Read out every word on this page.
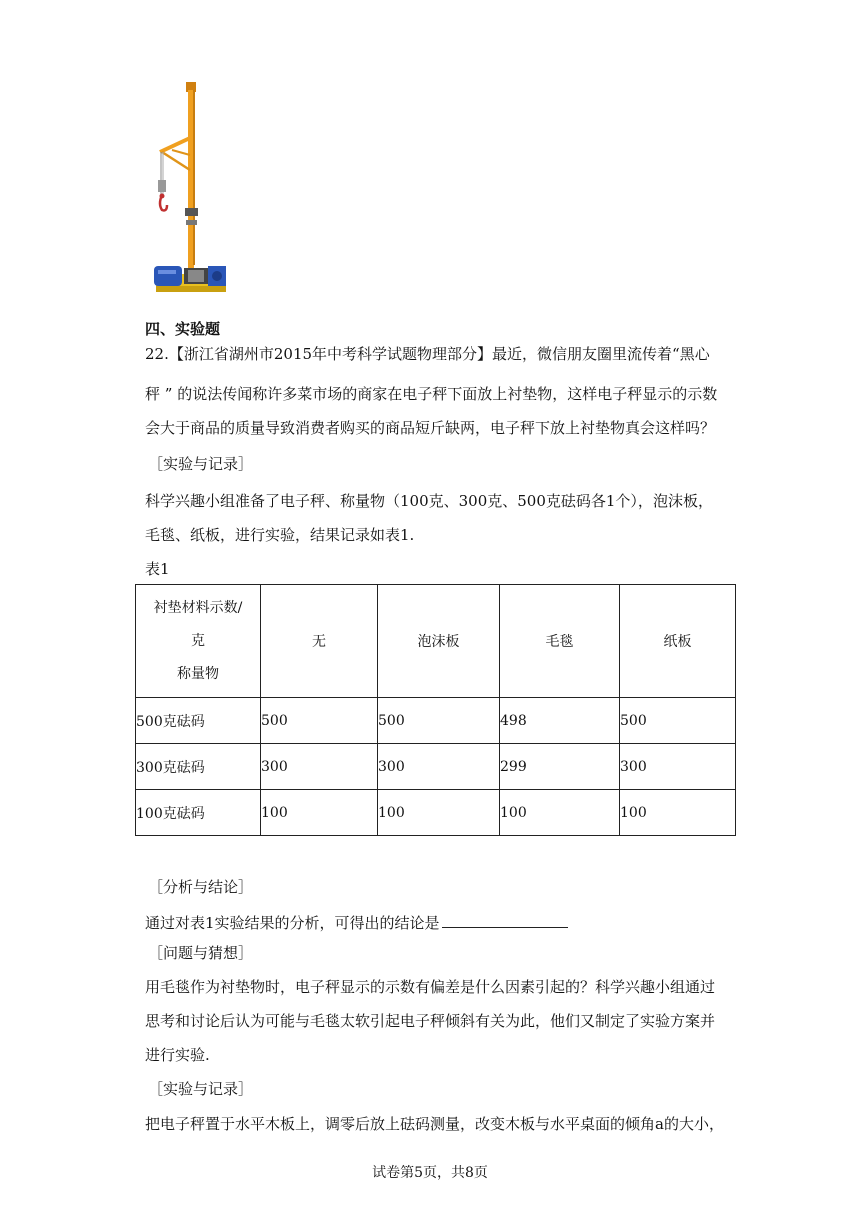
四、实验题
22.【浙江省湖州市2015年中考科学试题物理部分】最近，微信朋友圈里流传着“黑心
秤 ” 的说法传闻称许多菜市场的商家在电子秤下面放上衬垫物，这样电子秤显示的示数
会大于商品的质量导致消费者购买的商品短斤缺两，电子秤下放上衬垫物真会这样吗？
［实验与记录］
科学兴趣小组准备了电子秤、称量物（100克、300克、500克砝码各1个），泡沫板，
毛毯、纸板，进行实验，结果记录如表1.
表1
衬垫材料示数/
克
称量物	无	泡沫板	毛毯	纸板
500克砝码	500	500	498	500
300克砝码	300	300	299	300
100克砝码	100	100	100	100
［分析与结论］
通过对表1实验结果的分析，可得出的结论是
［问题与猜想］
用毛毯作为衬垫物时，电子秤显示的示数有偏差是什么因素引起的？科学兴趣小组通过
思考和讨论后认为可能与毛毯太软引起电子秤倾斜有关为此，他们又制定了实验方案并
进行实验.
［实验与记录］
把电子秤置于水平木板上，调零后放上砝码测量，改变木板与水平桌面的倾角a的大小，
试卷第5页，共8页
